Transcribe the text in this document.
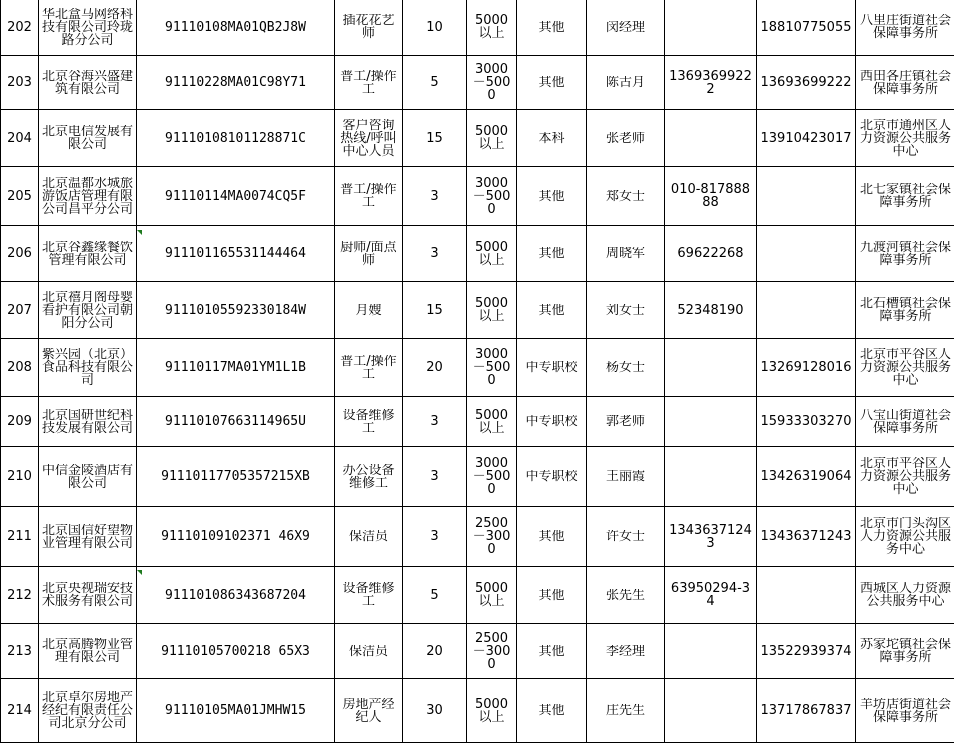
202	华北盒马网络科技有限公司玲珑路分公司	91110108MA01QB2J8W	插花花艺师	10	5000以上	其他	闵经理		18810775055	八里庄街道社会保障事务所

203	北京谷海兴盛建筑有限公司	91110228MA01C98Y71	普工/操作工	5	3000－5000	其他	陈古月	13693699222	13693699222	西田各庄镇社会保障事务所

204	北京电信发展有限公司	91110108101128871C	客户咨询热线/呼叫中心人员	15	5000以上	本科	张老师		13910423017	北京市通州区人力资源公共服务中心

205	北京温都水城旅游饭店管理有限公司昌平分公司	91110114MA0074CQ5F	普工/操作工	3	3000－5000	其他	郑女士	010-81788888		北七家镇社会保障事务所

206	北京谷鑫缘餐饮管理有限公司	911101165531144464	厨师/面点师	3	5000以上	其他	周晓军	69622268		九渡河镇社会保障事务所

207	北京禧月阁母婴看护有限公司朝阳分公司	91110105592330184W	月嫂	15	5000以上	其他	刘女士	52348190		北石槽镇社会保障事务所

208	紫兴园（北京）食品科技有限公司	91110117MA01YM1L1B	普工/操作工	20	3000－5000	中专职校	杨女士		13269128016	北京市平谷区人力资源公共服务中心

209	北京国研世纪科技发展有限公司	91110107663114965U	设备维修工	3	5000以上	中专职校	郭老师		15933303270	八宝山街道社会保障事务所

210	中信金陵酒店有限公司	91110117705357215XB	办公设备维修工	3	3000－5000	中专职校	王丽霞		13426319064	北京市平谷区人力资源公共服务中心

211	北京国信好望物业管理有限公司	91110109102371 46X9	保洁员	3	2500－3000	其他	许女士	13436371243	13436371243	北京市门头沟区人力资源公共服务中心

212	北京央视瑞安技术服务有限公司	911101086343687204	设备维修工	5	5000以上	其他	张先生	63950294-34		西城区人力资源公共服务中心

213	北京高腾物业管理有限公司	91110105700218 65X3	保洁员	20	2500－3000	其他	李经理		13522939374	苏家坨镇社会保障事务所

214	北京卓尔房地产经纪有限责任公司北京分公司	91110105MA01JMHW15	房地产经纪人	30	5000以上	其他	庄先生		13717867837	羊坊店街道社会保障事务所
